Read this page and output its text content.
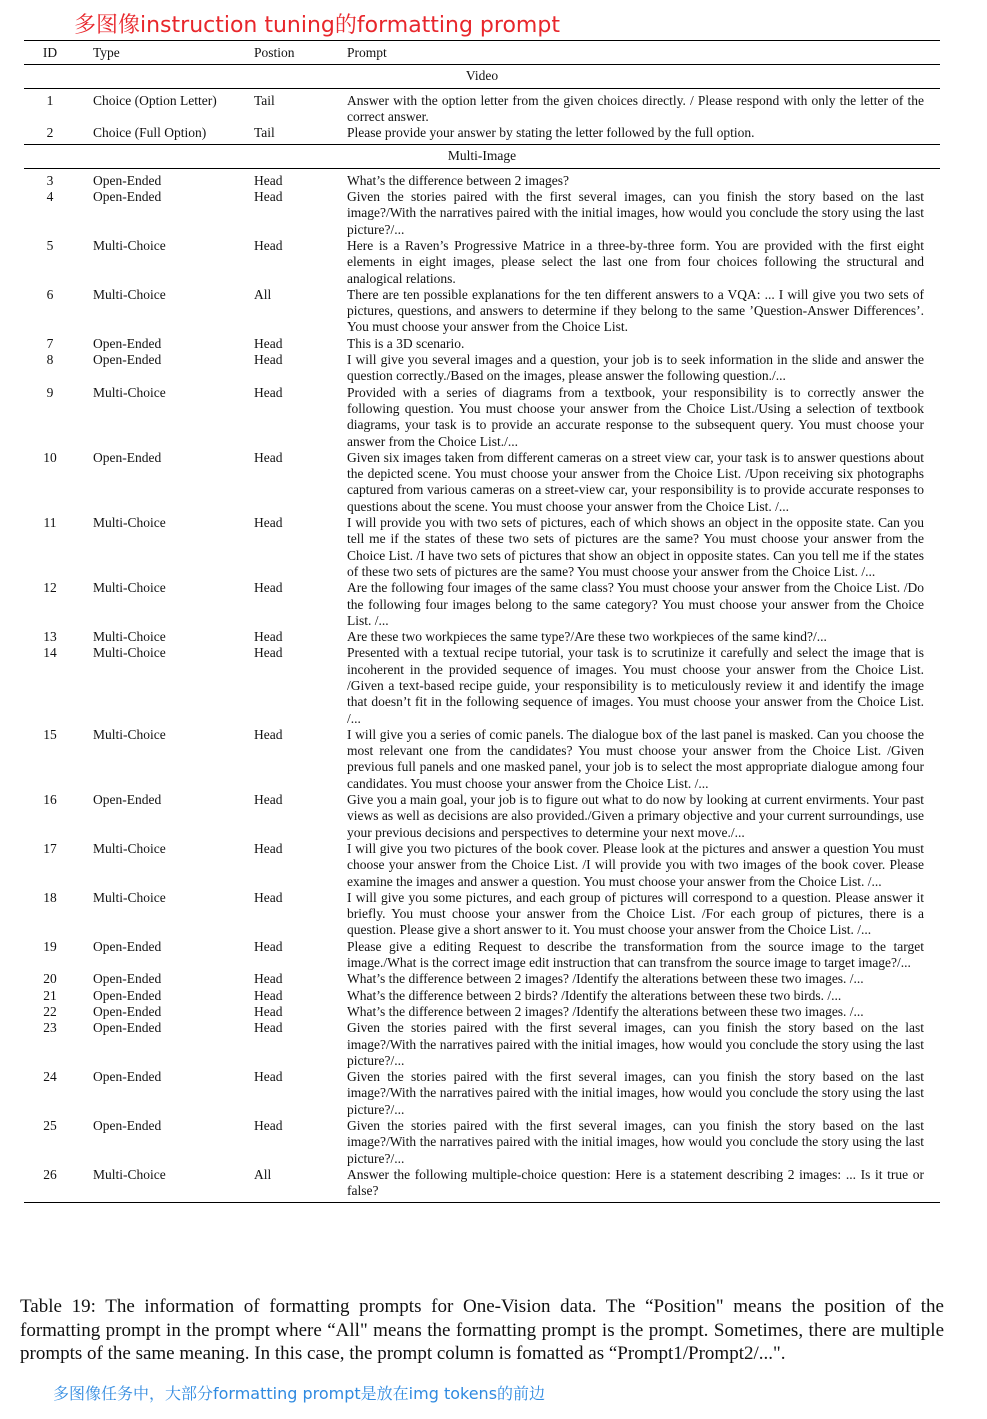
多图像instruction tuning的formatting prompt
ID	Type	Postion	Prompt
Video			
1	Choice (Option Letter)	Tail	Answer with the option letter from the given choices directly. / Please respond with only the letter of the correct answer.
2	Choice (Full Option)	Tail	Please provide your answer by stating the letter followed by the full option.
Multi-Image			
3	Open-Ended	Head	What’s the difference between 2 images?
4	Open-Ended	Head	Given the stories paired with the first several images, can you finish the story based on the last image?/With the narratives paired with the initial images, how would you conclude the story using the last picture?/...
5	Multi-Choice	Head	Here is a Raven’s Progressive Matrice in a three-by-three form. You are provided with the first eight elements in eight images, please select the last one from four choices following the structural and analogical relations.
6	Multi-Choice	All	There are ten possible explanations for the ten different answers to a VQA: ... I will give you two sets of pictures, questions, and answers to determine if they belong to the same ’Question-Answer Differences’. You must choose your answer from the Choice List.
7	Open-Ended	Head	This is a 3D scenario.
8	Open-Ended	Head	I will give you several images and a question, your job is to seek information in the slide and answer the question correctly./Based on the images, please answer the following question./...
9	Multi-Choice	Head	Provided with a series of diagrams from a textbook, your responsibility is to correctly answer the following question. You must choose your answer from the Choice List./Using a selection of textbook diagrams, your task is to provide an accurate response to the subsequent query. You must choose your answer from the Choice List./...
10	Open-Ended	Head	Given six images taken from different cameras on a street view car, your task is to answer questions about the depicted scene. You must choose your answer from the Choice List. /Upon receiving six photographs captured from various cameras on a street-view car, your responsibility is to provide accurate responses to questions about the scene. You must choose your answer from the Choice List. /...
11	Multi-Choice	Head	I will provide you with two sets of pictures, each of which shows an object in the opposite state. Can you tell me if the states of these two sets of pictures are the same? You must choose your answer from the Choice List. /I have two sets of pictures that show an object in opposite states. Can you tell me if the states of these two sets of pictures are the same? You must choose your answer from the Choice List. /...
12	Multi-Choice	Head	Are the following four images of the same class? You must choose your answer from the Choice List. /Do the following four images belong to the same category? You must choose your answer from the Choice List. /...
13	Multi-Choice	Head	Are these two workpieces the same type?/Are these two workpieces of the same kind?/...
14	Multi-Choice	Head	Presented with a textual recipe tutorial, your task is to scrutinize it carefully and select the image that is incoherent in the provided sequence of images. You must choose your answer from the Choice List. /Given a text-based recipe guide, your responsibility is to meticulously review it and identify the image that doesn’t fit in the following sequence of images. You must choose your answer from the Choice List. /...
15	Multi-Choice	Head	I will give you a series of comic panels. The dialogue box of the last panel is masked. Can you choose the most relevant one from the candidates? You must choose your answer from the Choice List. /Given previous full panels and one masked panel, your job is to select the most appropriate dialogue among four candidates. You must choose your answer from the Choice List. /...
16	Open-Ended	Head	Give you a main goal, your job is to figure out what to do now by looking at current envirments. Your past views as well as decisions are also provided./Given a primary objective and your current surroundings, use your previous decisions and perspectives to determine your next move./...
17	Multi-Choice	Head	I will give you two pictures of the book cover. Please look at the pictures and answer a question You must choose your answer from the Choice List. /I will provide you with two images of the book cover. Please examine the images and answer a question. You must choose your answer from the Choice List. /...
18	Multi-Choice	Head	I will give you some pictures, and each group of pictures will correspond to a question. Please answer it briefly. You must choose your answer from the Choice List. /For each group of pictures, there is a question. Please give a short answer to it. You must choose your answer from the Choice List. /...
19	Open-Ended	Head	Please give a editing Request to describe the transformation from the source image to the target image./What is the correct image edit instruction that can transfrom the source image to target image?/...
20	Open-Ended	Head	What’s the difference between 2 images? /Identify the alterations between these two images. /...
21	Open-Ended	Head	What’s the difference between 2 birds? /Identify the alterations between these two birds. /...
22	Open-Ended	Head	What’s the difference between 2 images? /Identify the alterations between these two images. /...
23	Open-Ended	Head	Given the stories paired with the first several images, can you finish the story based on the last image?/With the narratives paired with the initial images, how would you conclude the story using the last picture?/...
24	Open-Ended	Head	Given the stories paired with the first several images, can you finish the story based on the last image?/With the narratives paired with the initial images, how would you conclude the story using the last picture?/...
25	Open-Ended	Head	Given the stories paired with the first several images, can you finish the story based on the last image?/With the narratives paired with the initial images, how would you conclude the story using the last picture?/...
26	Multi-Choice	All	Answer the following multiple-choice question: Here is a statement describing 2 images: ... Is it true or false?
Table 19: The information of formatting prompts for One-Vision data. The “Position" means the position of the formatting prompt in the prompt where “All" means the formatting prompt is the prompt. Sometimes, there are multiple prompts of the same meaning. In this case, the prompt column is fomatted as “Prompt1/Prompt2/...".
多图像任务中，大部分formatting prompt是放在img tokens的前边
